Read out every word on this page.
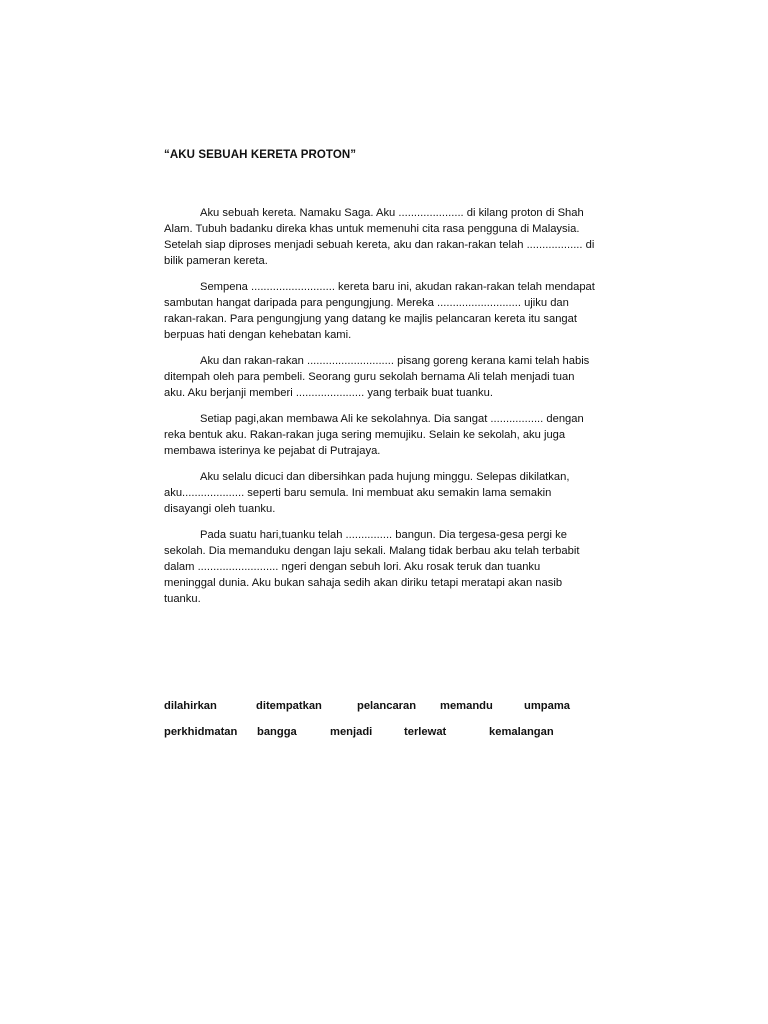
“AKU SEBUAH KERETA PROTON”

Aku sebuah kereta. Namaku Saga. Aku ..................... di kilang proton di Shah
Alam. Tubuh badanku direka khas untuk memenuhi cita rasa pengguna di Malaysia.
Setelah siap diproses menjadi sebuah kereta, aku dan rakan-rakan telah .................. di
bilik pameran kereta.

Sempena ........................... kereta baru ini, akudan rakan-rakan telah mendapat
sambutan hangat daripada para pengungjung. Mereka ........................... ujiku dan
rakan-rakan. Para pengungjung yang datang ke majlis pelancaran kereta itu sangat
berpuas hati dengan kehebatan kami.

Aku dan rakan-rakan ............................ pisang goreng kerana kami telah habis
ditempah oleh para pembeli. Seorang guru sekolah bernama Ali telah menjadi tuan
aku. Aku berjanji memberi ...................... yang terbaik buat tuanku.

Setiap pagi,akan membawa Ali ke sekolahnya. Dia sangat ................. dengan
reka bentuk aku. Rakan-rakan juga sering memujiku. Selain ke sekolah, aku juga
membawa isterinya ke pejabat di Putrajaya.

Aku selalu dicuci dan dibersihkan pada hujung minggu. Selepas dikilatkan,
aku.................... seperti baru semula. Ini membuat aku semakin lama semakin
disayangi oleh tuanku.

Pada suatu hari,tuanku telah ............... bangun. Dia tergesa-gesa pergi ke
sekolah. Dia memanduku dengan laju sekali. Malang tidak berbau aku telah terbabit
dalam .......................... ngeri dengan sebuh lori. Aku rosak teruk dan tuanku
meninggal dunia. Aku bukan sahaja sedih akan diriku tetapi meratapi akan nasib
tuanku.

dilahirkan	ditempatkan	pelancaran memandu	umpama
perkhidmatan bangga	menjadi	terlewat	kemalangan
